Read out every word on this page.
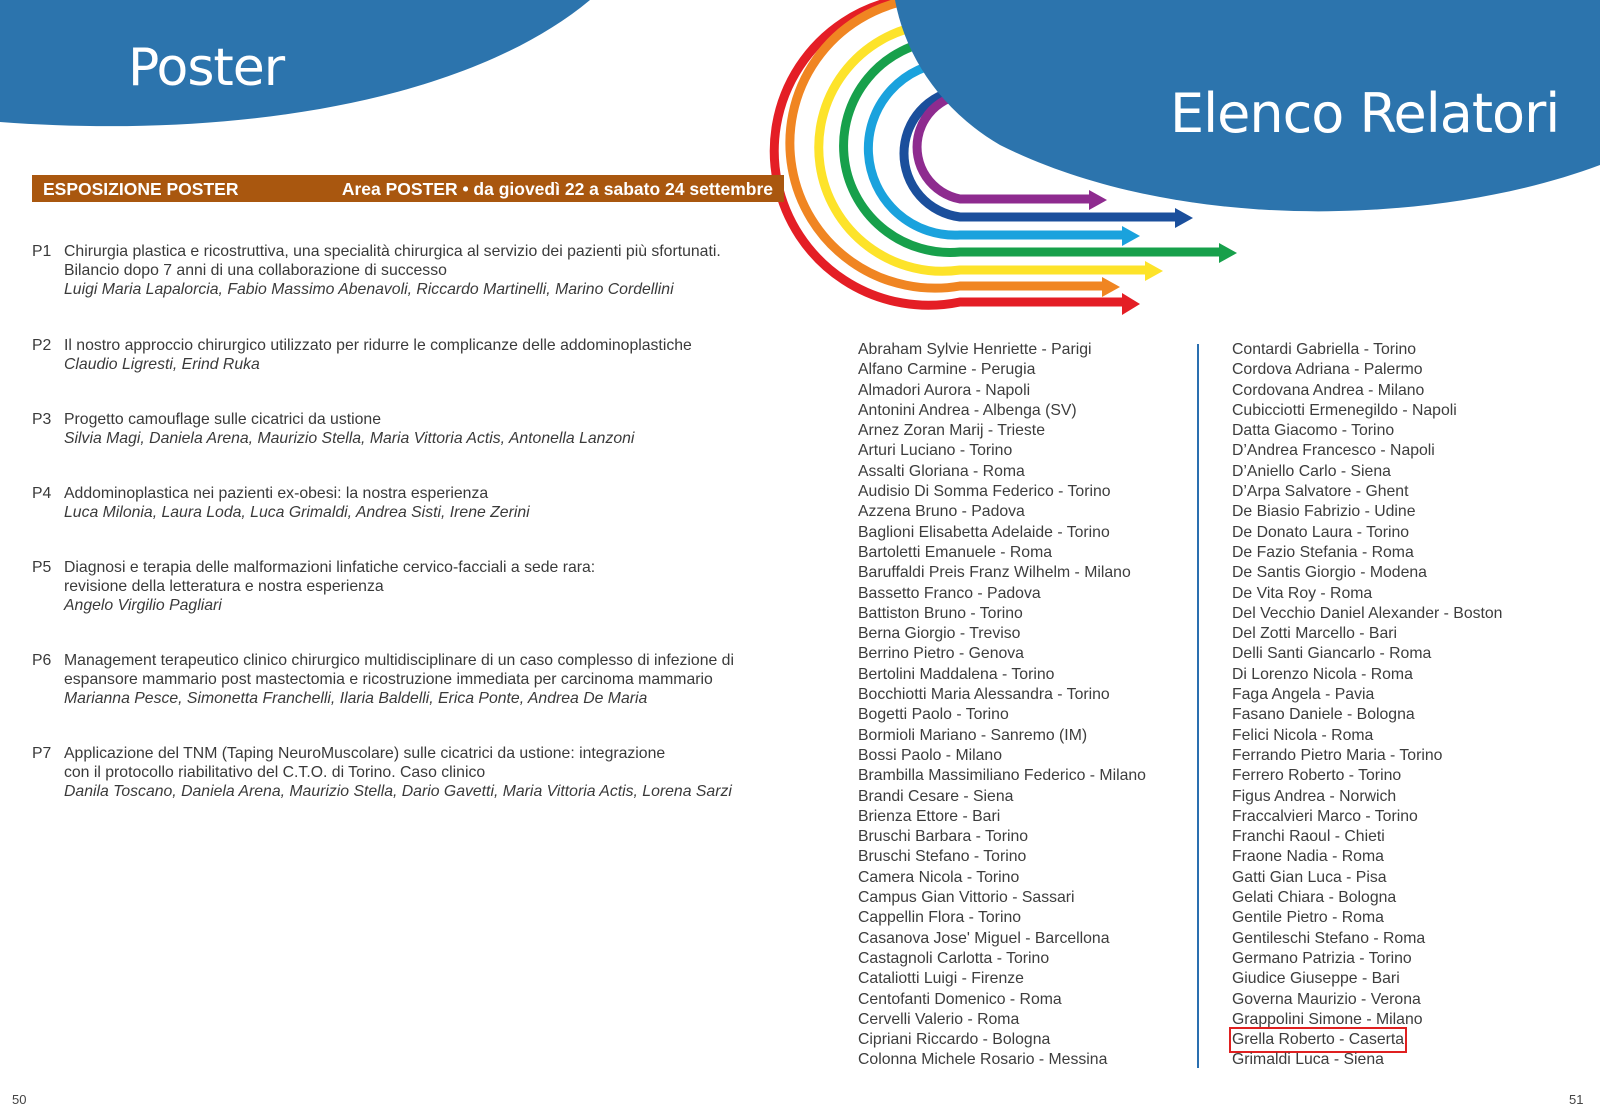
Poster
Elenco Relatori
ESPOSIZIONE POSTER	Area POSTER • da giovedì 22 a sabato 24 settembre
P1 Chirurgia plastica e ricostruttiva, una specialità chirurgica al servizio dei pazienti più sfortunati.
Bilancio dopo 7 anni di una collaborazione di successo
Luigi Maria Lapalorcia, Fabio Massimo Abenavoli, Riccardo Martinelli, Marino Cordellini
P2 Il nostro approccio chirurgico utilizzato per ridurre le complicanze delle addominoplastiche
Claudio Ligresti, Erind Ruka
P3 Progetto camouflage sulle cicatrici da ustione
Silvia Magi, Daniela Arena, Maurizio Stella, Maria Vittoria Actis, Antonella Lanzoni
P4 Addominoplastica nei pazienti ex-obesi: la nostra esperienza
Luca Milonia, Laura Loda, Luca Grimaldi, Andrea Sisti, Irene Zerini
P5 Diagnosi e terapia delle malformazioni linfatiche cervico-facciali a sede rara:
revisione della letteratura e nostra esperienza
Angelo Virgilio Pagliari
P6 Management terapeutico clinico chirurgico multidisciplinare di un caso complesso di infezione di
espansore mammario post mastectomia e ricostruzione immediata per carcinoma mammario
Marianna Pesce, Simonetta Franchelli, Ilaria Baldelli, Erica Ponte, Andrea De Maria
P7 Applicazione del TNM (Taping NeuroMuscolare) sulle cicatrici da ustione: integrazione
con il protocollo riabilitativo del C.T.O. di Torino. Caso clinico
Danila Toscano, Daniela Arena, Maurizio Stella, Dario Gavetti, Maria Vittoria Actis, Lorena Sarzi
Abraham Sylvie Henriette - Parigi
Alfano Carmine - Perugia
Almadori Aurora - Napoli
Antonini Andrea - Albenga (SV)
Arnez Zoran Marij - Trieste
Arturi Luciano - Torino
Assalti Gloriana - Roma
Audisio Di Somma Federico - Torino
Azzena Bruno - Padova
Baglioni Elisabetta Adelaide - Torino
Bartoletti Emanuele - Roma
Baruffaldi Preis Franz Wilhelm - Milano
Bassetto Franco - Padova
Battiston Bruno - Torino
Berna Giorgio - Treviso
Berrino Pietro - Genova
Bertolini Maddalena - Torino
Bocchiotti Maria Alessandra - Torino
Bogetti Paolo - Torino
Bormioli Mariano - Sanremo (IM)
Bossi Paolo - Milano
Brambilla Massimiliano Federico - Milano
Brandi Cesare - Siena
Brienza Ettore - Bari
Bruschi Barbara - Torino
Bruschi Stefano - Torino
Camera Nicola - Torino
Campus Gian Vittorio - Sassari
Cappellin Flora - Torino
Casanova Jose' Miguel - Barcellona
Castagnoli Carlotta - Torino
Cataliotti Luigi - Firenze
Centofanti Domenico - Roma
Cervelli Valerio - Roma
Cipriani Riccardo - Bologna
Colonna Michele Rosario - Messina
Contardi Gabriella - Torino
Cordova Adriana - Palermo
Cordovana Andrea - Milano
Cubicciotti Ermenegildo - Napoli
Datta Giacomo - Torino
D’Andrea Francesco - Napoli
D’Aniello Carlo - Siena
D’Arpa Salvatore - Ghent
De Biasio Fabrizio - Udine
De Donato Laura - Torino
De Fazio Stefania - Roma
De Santis Giorgio - Modena
De Vita Roy - Roma
Del Vecchio Daniel Alexander - Boston
Del Zotti Marcello - Bari
Delli Santi Giancarlo - Roma
Di Lorenzo Nicola - Roma
Faga Angela - Pavia
Fasano Daniele - Bologna
Felici Nicola - Roma
Ferrando Pietro Maria - Torino
Ferrero Roberto - Torino
Figus Andrea - Norwich
Fraccalvieri Marco - Torino
Franchi Raoul - Chieti
Fraone Nadia - Roma
Gatti Gian Luca - Pisa
Gelati Chiara - Bologna
Gentile Pietro - Roma
Gentileschi Stefano - Roma
Germano Patrizia - Torino
Giudice Giuseppe - Bari
Governa Maurizio - Verona
Grappolini Simone - Milano
Grella Roberto - Caserta
Grimaldi Luca - Siena
50	51
